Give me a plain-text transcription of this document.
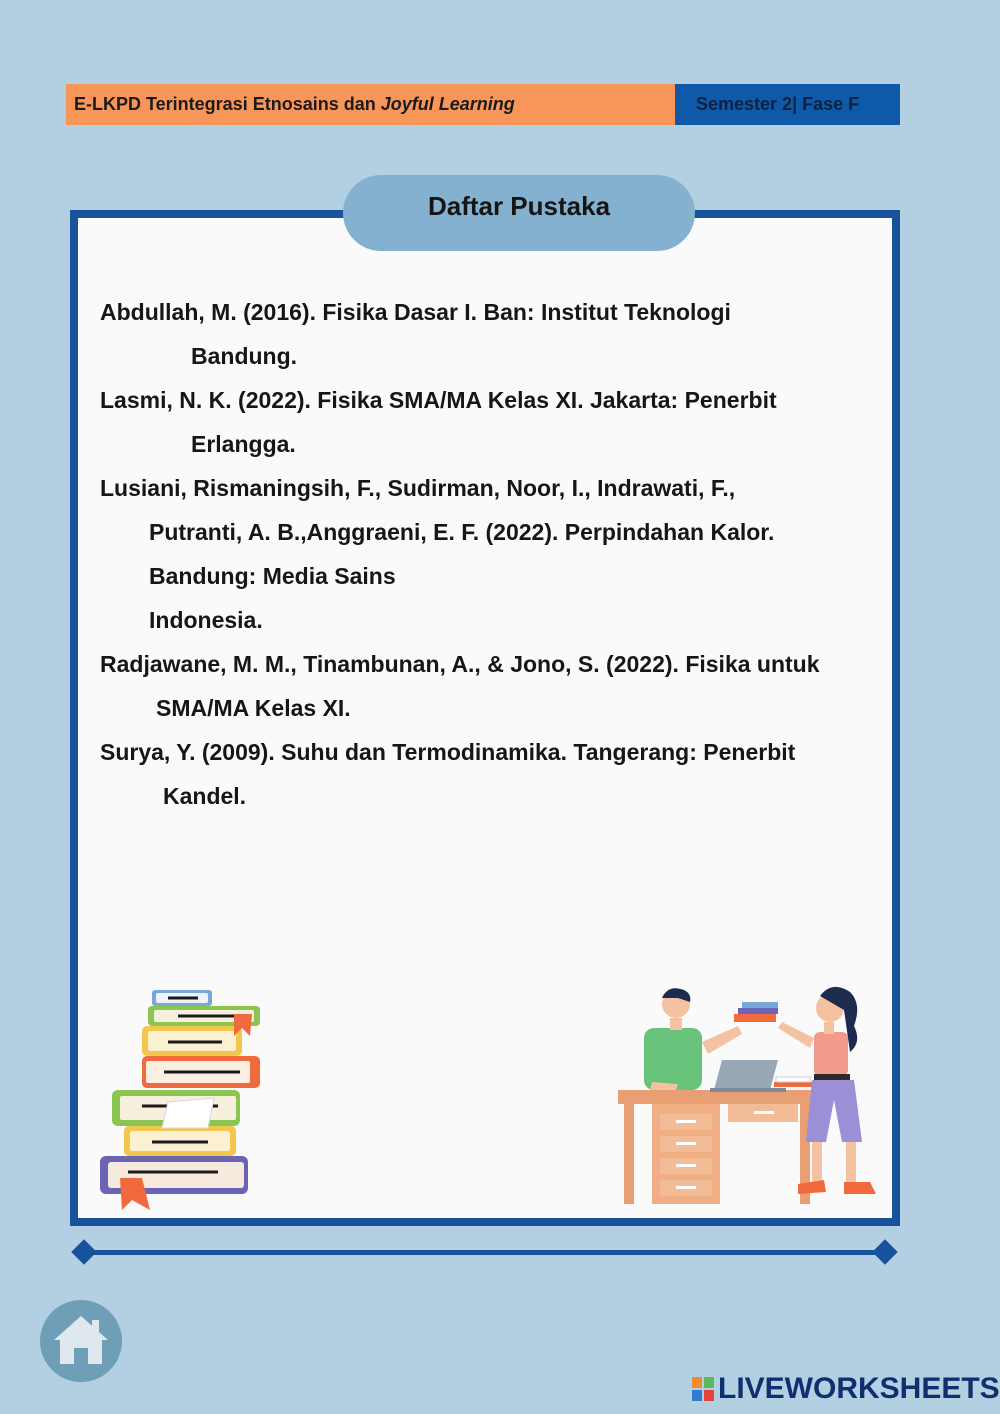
E-LKPD Terintegrasi Etnosains dan Joyful Learning	Semester 2| Fase F
Daftar Pustaka
Abdullah, M. (2016). Fisika Dasar I. Ban: Institut Teknologi
Bandung.
Lasmi, N. K. (2022). Fisika SMA/MA Kelas XI. Jakarta: Penerbit
Erlangga.
Lusiani, Rismaningsih, F., Sudirman, Noor, I., Indrawati, F.,
Putranti, A. B.,Anggraeni, E. F. (2022). Perpindahan Kalor.
Bandung: Media Sains
Indonesia.
Radjawane, M. M., Tinambunan, A., & Jono, S. (2022). Fisika untuk
SMA/MA Kelas XI.
Surya, Y. (2009). Suhu dan Termodinamika. Tangerang: Penerbit
Kandel.
LIVEWORKSHEETS
